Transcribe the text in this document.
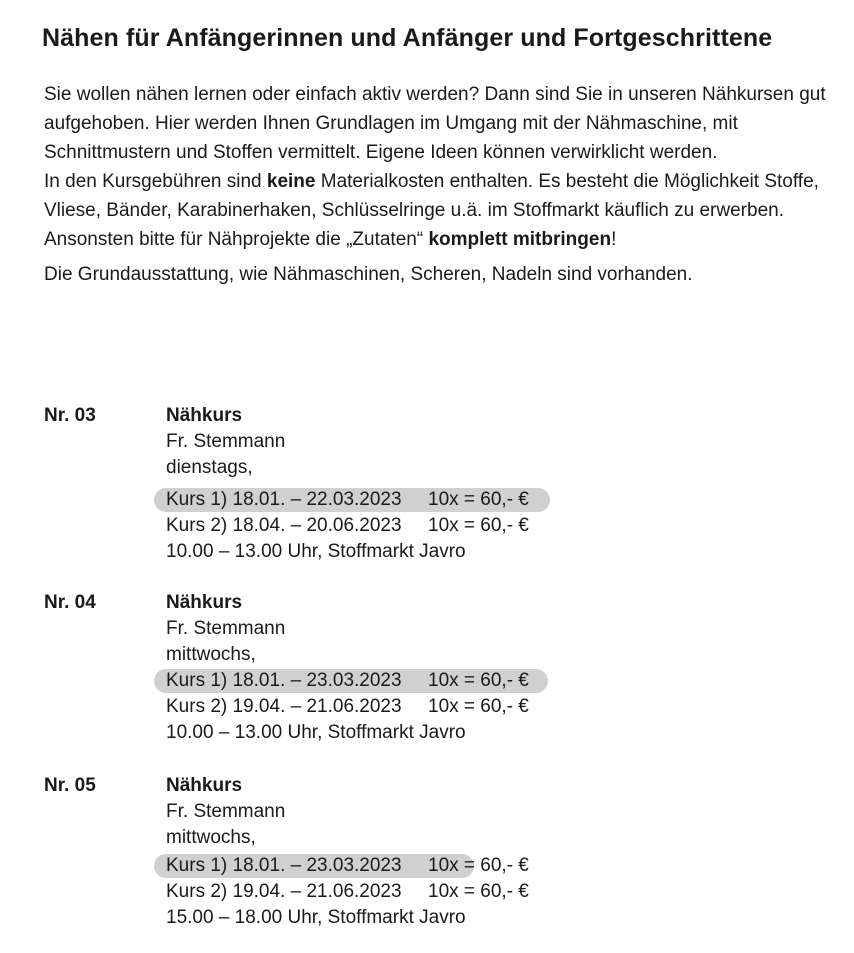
Nähen für Anfängerinnen und Anfänger und Fortgeschrittene

Sie wollen nähen lernen oder einfach aktiv werden? Dann sind Sie in unseren Nähkursen gut aufgehoben. Hier werden Ihnen Grundlagen im Umgang mit der Nähmaschine, mit Schnittmustern und Stoffen vermittelt. Eigene Ideen können verwirklicht werden.

In den Kursgebühren sind keine Materialkosten enthalten. Es besteht die Möglichkeit Stoffe, Vliese, Bänder, Karabinerhaken, Schlüsselringe u.ä. im Stoffmarkt käuflich zu erwerben. Ansonsten bitte für Nähprojekte die „Zutaten“ komplett mitbringen!

Die Grundausstattung, wie Nähmaschinen, Scheren, Nadeln sind vorhanden.

Nr. 03	Nähkurs
Fr. Stemmann
dienstags,
Kurs 1) 18.01. – 22.03.2023 10x = 60,- €
Kurs 2) 18.04. – 20.06.2023 10x = 60,- €
10.00 – 13.00 Uhr, Stoffmarkt Javro
Nr. 04	Nähkurs
Fr. Stemmann
mittwochs,
Kurs 1) 18.01. – 23.03.2023 10x = 60,- €
Kurs 2) 19.04. – 21.06.2023 10x = 60,- €
10.00 – 13.00 Uhr, Stoffmarkt Javro
Nr. 05	Nähkurs
Fr. Stemmann
mittwochs,
Kurs 1) 18.01. – 23.03.2023 10x = 60,- €
Kurs 2) 19.04. – 21.06.2023 10x = 60,- €
15.00 – 18.00 Uhr, Stoffmarkt Javro
